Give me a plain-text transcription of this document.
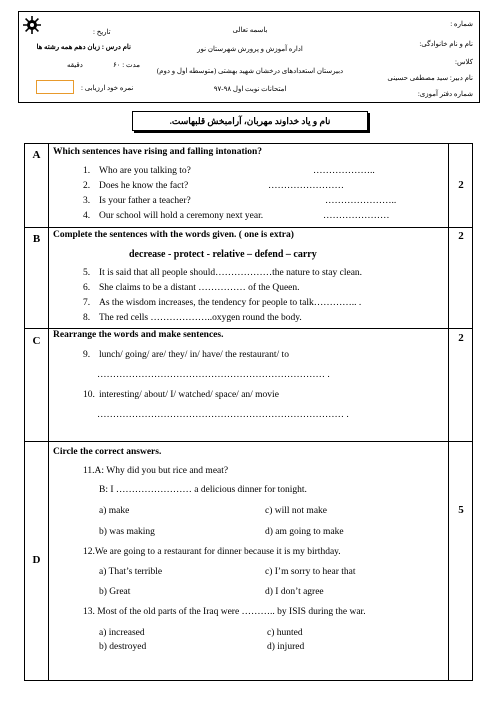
شماره :
نام و نام خانوادگی:
کلاس:
نام دبیر: سید مصطفی حسینی
شماره دفتر آموزی:
باسمه تعالی
اداره آموزش و پرورش شهرستان نور
دبیرستان استعدادهای درخشان شهید بهشتی (متوسطه اول و دوم)
امتحانات نوبت اول ۹۸-۹۷
تاریخ :
نام درس : زبان دهم همه رشته ها
مدت : ۶۰
دقیقه
نمره خود ارزیابی :
نام و یاد خداوند مهربان، آرامبخش قلبهاست.
A	Which sentences have rising and falling intonation?
1. Who are you talking to?	………………..
2. Does he know the fact?	……………………
3. Is your father a teacher?	…………………..
4. Our school will hold a ceremony next year.	…………………
2
B	Complete the sentences with the words given. ( one is extra)
decrease - protect - relative – defend – carry
5. It is said that all people should………………the nature to stay clean.
6. She claims to be a distant …………… of the Queen.
7. As the wisdom increases, the tendency for people to talk………….. .
8. The red cells ………………..oxygen round the body.
2
C	Rearrange the words and make sentences.
9. lunch/ going/ are/ they/ in/ have/ the restaurant/ to
……………………………………………………………… .
10. interesting/ about/ I/ watched/ space/ an/ movie
…………………………………………………………………… .
2
D
Circle the correct answers.
11.A: Why did you but rice and meat?
B: I …………………… a delicious dinner for tonight.
a) make	c) will not make
b) was making	d) am going to make
12.We are going to a restaurant for dinner because it is my birthday.
a) That’s terrible	c) I’m sorry to hear that
b) Great	d) I don’t agree
13. Most of the old parts of the Iraq were ……….. by ISIS during the war.
a) increased	c) hunted
b) destroyed	d) injured
5
